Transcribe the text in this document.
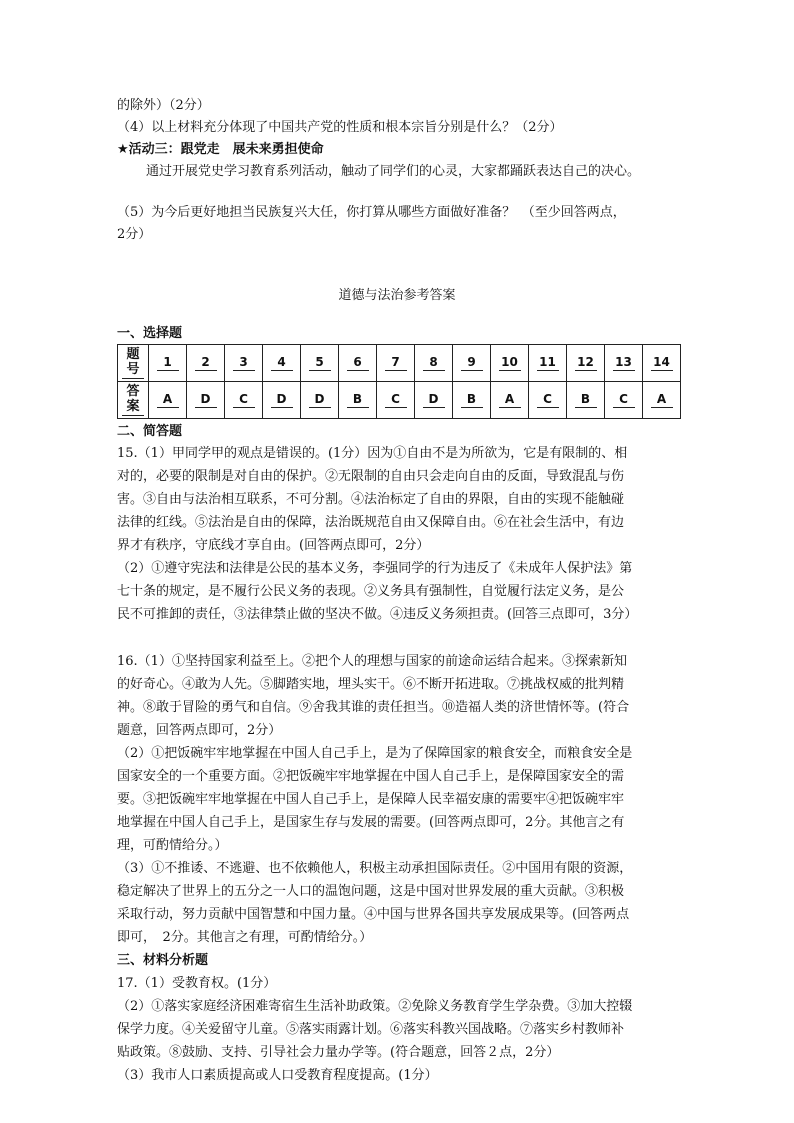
的除外）（2分）
（4）以上材料充分体现了中国共产党的性质和根本宗旨分别是什么？（2分）
★活动三：跟党走　展未来勇担使命
通过开展党史学习教育系列活动，触动了同学们的心灵，大家都踊跃表达自己的决心。
（5）为今后更好地担当民族复兴大任，你打算从哪些方面做好准备？　（至少回答两点，
2分）
道德与法治参考答案
一、选择题
题
号	1	2	3	4	5	6	7	8	9	10	11	12	13	14
答
案	A	D	C	D	D	B	C	D	B	A	C	B	C	A
二、简答题
15.（1）甲同学甲的观点是错误的。(1分）因为①自由不是为所欲为，它是有限制的、相
对的，必要的限制是对自由的保护。②无限制的自由只会走向自由的反面，导致混乱与伤
害。③自由与法治相互联系，不可分割。④法治标定了自由的界限，自由的实现不能触碰
法律的红线。⑤法治是自由的保障，法治既规范自由又保障自由。⑥在社会生活中，有边
界才有秩序，守底线才享自由。(回答两点即可，2分）
（2）①遵守宪法和法律是公民的基本义务，李强同学的行为违反了《未成年人保护法》第
七十条的规定，是不履行公民义务的表现。②义务具有强制性，自觉履行法定义务，是公
民不可推卸的责任，③法律禁止做的坚决不做。④违反义务须担责。(回答三点即可，3分）
16.（1）①坚持国家利益至上。②把个人的理想与国家的前途命运结合起来。③探索新知
的好奇心。④敢为人先。⑤脚踏实地，埋头实干。⑥不断开拓进取。⑦挑战权威的批判精
神。⑧敢于冒险的勇气和自信。⑨舍我其谁的责任担当。⑩造福人类的济世情怀等。(符合
题意，回答两点即可，2分）
（2）①把饭碗牢牢地掌握在中国人自己手上，是为了保障国家的粮食安全，而粮食安全是
国家安全的一个重要方面。②把饭碗牢牢地掌握在中国人自己手上，是保障国家安全的需
要。③把饭碗牢牢地掌握在中国人自己手上，是保障人民幸福安康的需要牢④把饭碗牢牢
地掌握在中国人自己手上，是国家生存与发展的需要。(回答两点即可，2分。其他言之有
理，可酌情给分。）
（3）①不推诿、不逃避、也不依赖他人，积极主动承担国际责任。②中国用有限的资源，
稳定解决了世界上的五分之一人口的温饱问题，这是中国对世界发展的重大贡献。③积极
采取行动，努力贡献中国智慧和中国力量。④中国与世界各国共享发展成果等。(回答两点
即可，　2分。其他言之有理，可酌情给分。）
三、材料分析题
17.（1）受教育权。(1分）
（2）①落实家庭经济困难寄宿生生活补助政策。②免除义务教育学生学杂费。③加大控辍
保学力度。④关爱留守儿童。⑤落实雨露计划。⑥落实科教兴国战略。⑦落实乡村教师补
贴政策。⑧鼓励、支持、引导社会力量办学等。(符合题意，回答２点，2分）
（3）我市人口素质提高或人口受教育程度提高。(1分）
